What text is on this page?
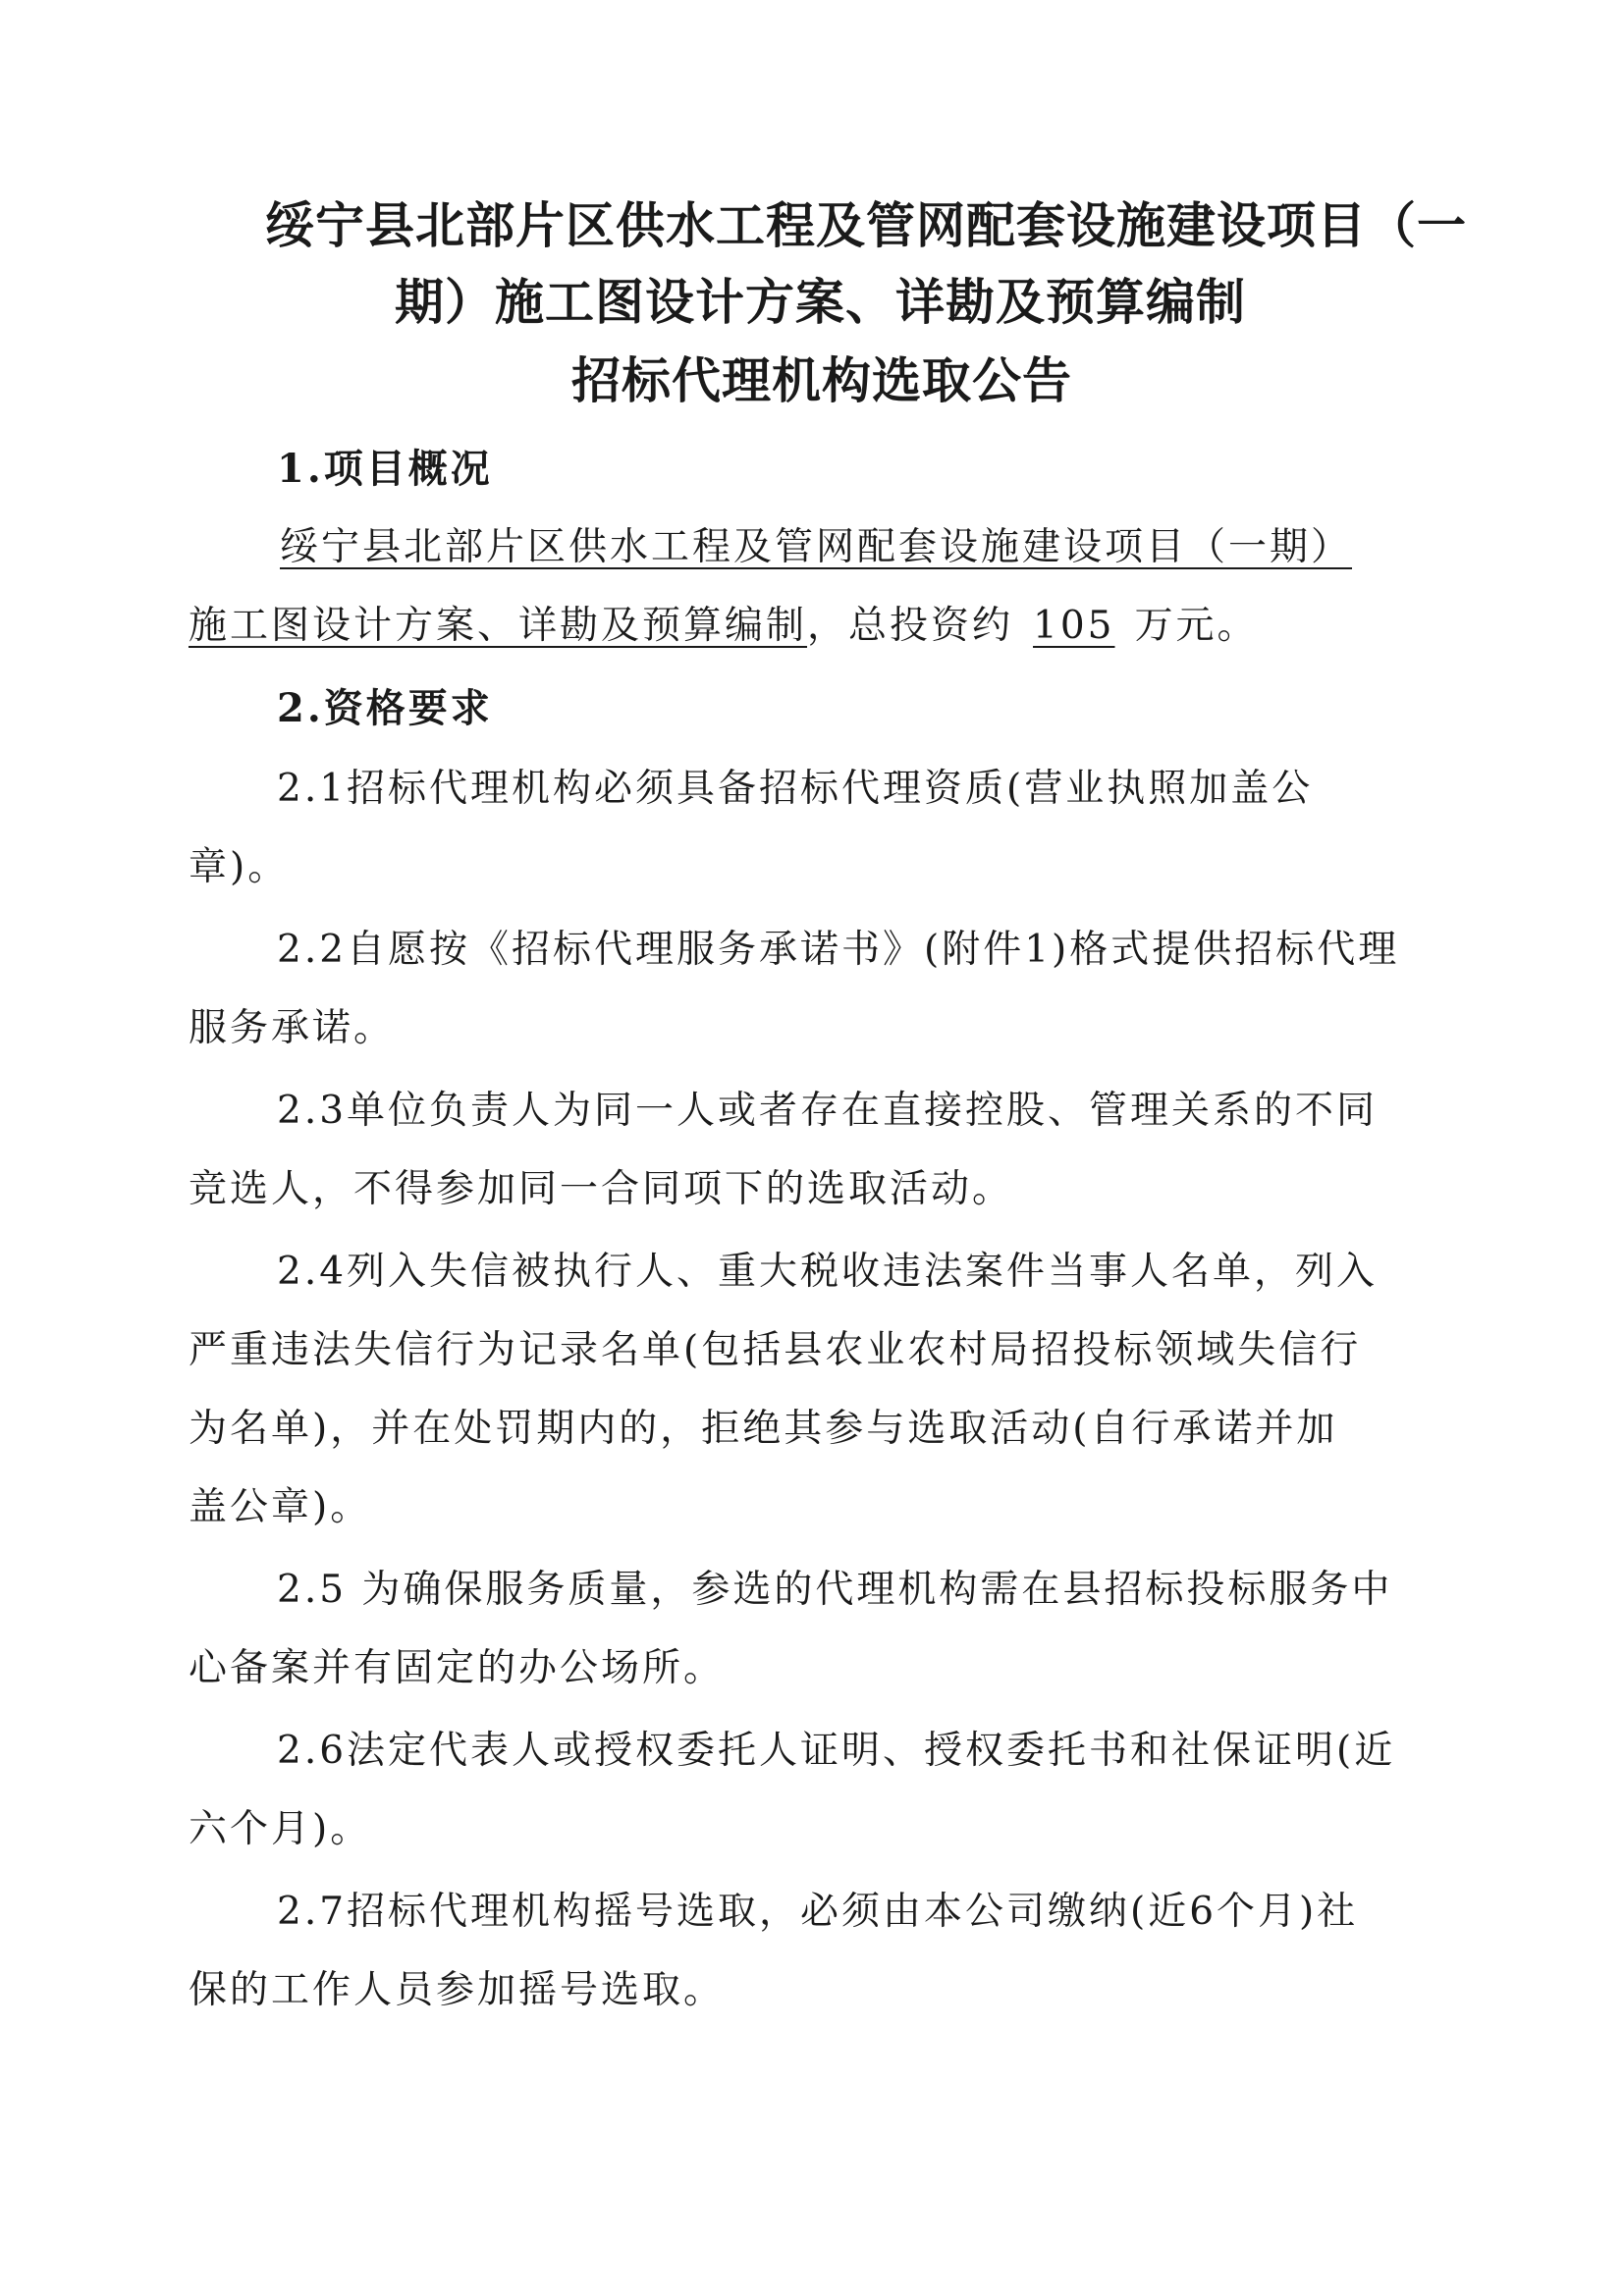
绥宁县北部片区供水工程及管网配套设施建设项目（一
期）施工图设计方案、详勘及预算编制
招标代理机构选取公告
1.项目概况
绥宁县北部片区供水工程及管网配套设施建设项目（一期）
施工图设计方案、详勘及预算编制，总投资约 105 万元。
2.资格要求
2.1招标代理机构必须具备招标代理资质(营业执照加盖公
章)。
2.2自愿按《招标代理服务承诺书》(附件1)格式提供招标代理
服务承诺。
2.3单位负责人为同一人或者存在直接控股、管理关系的不同
竞选人，不得参加同一合同项下的选取活动。
2.4列入失信被执行人、重大税收违法案件当事人名单，列入
严重违法失信行为记录名单(包括县农业农村局招投标领域失信行
为名单)，并在处罚期内的，拒绝其参与选取活动(自行承诺并加
盖公章)。
2.5 为确保服务质量，参选的代理机构需在县招标投标服务中
心备案并有固定的办公场所。
2.6法定代表人或授权委托人证明、授权委托书和社保证明(近
六个月)。
2.7招标代理机构摇号选取，必须由本公司缴纳(近6个月)社
保的工作人员参加摇号选取。
